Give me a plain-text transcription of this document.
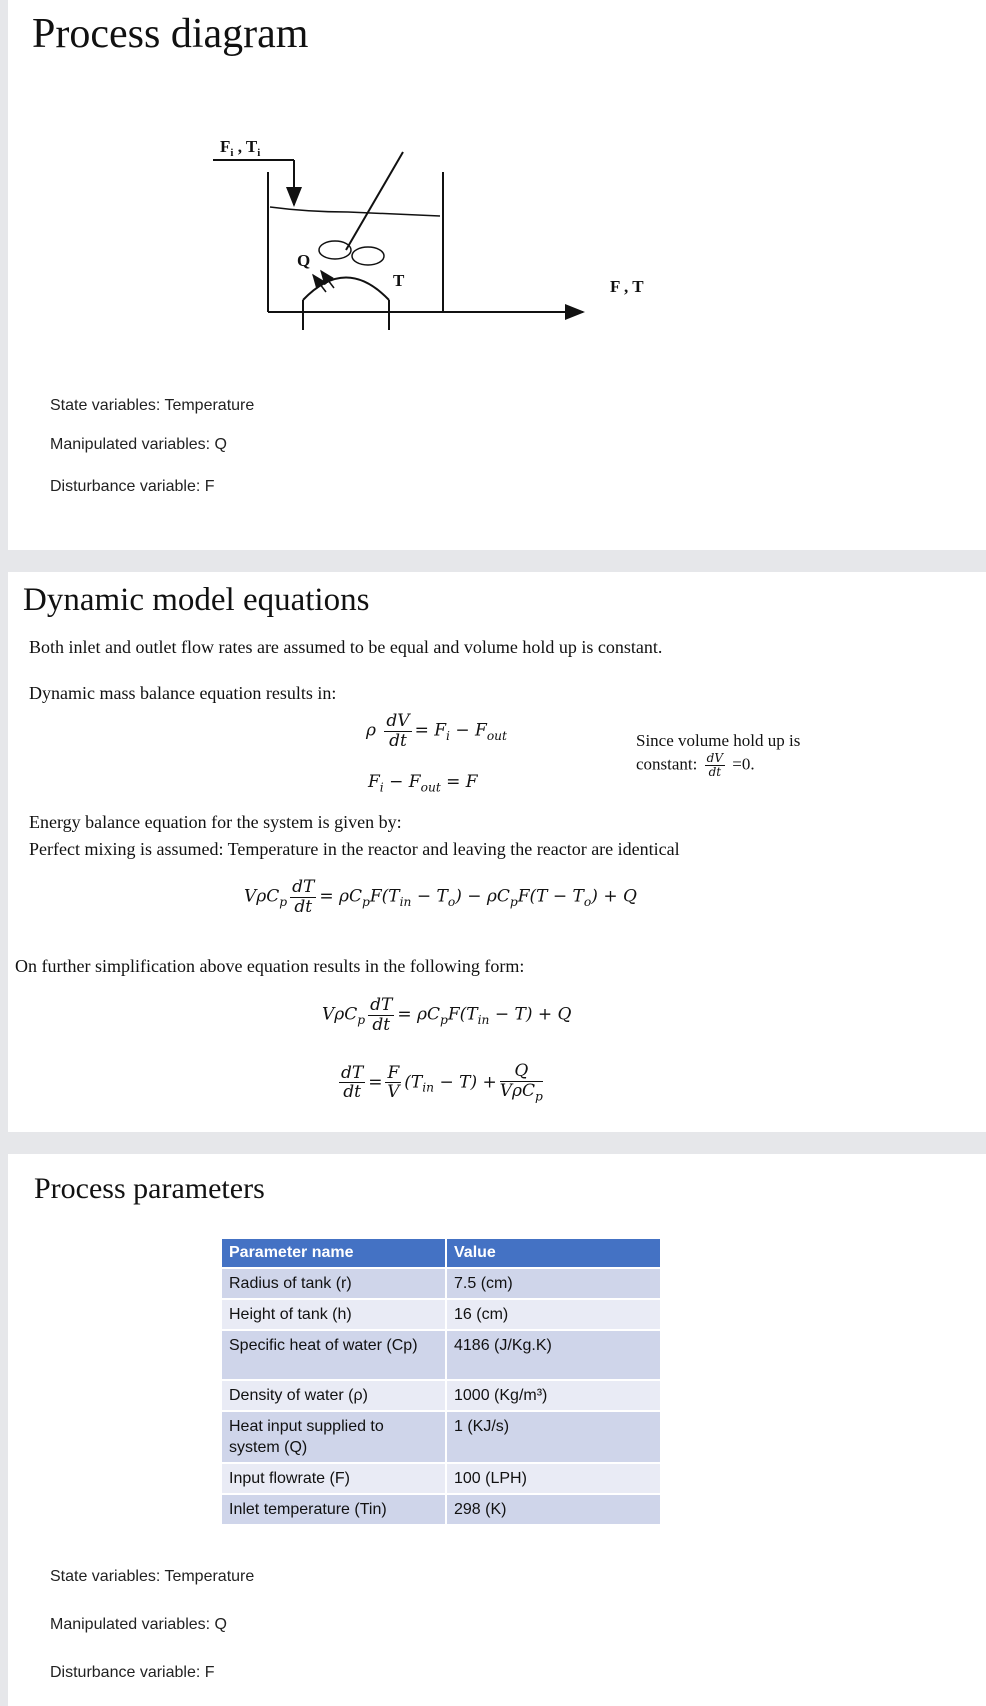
Process diagram
$F_i$ , $T_i$
Q
T	F , T
State variables: Temperature
Manipulated variables: Q
Disturbance variable: F
Dynamic model equations
Both inlet and outlet flow rates are assumed to be equal and volume hold up is constant.
Dynamic mass balance equation results in:
ρ $\frac{dV}{dt} = F_i - F_{out}$
$F_i - F_{out} = F$
Since volume hold up is
constant: $\frac{dV}{dt} =0$.
Energy balance equation for the system is given by:
Perfect mixing is assumed: Temperature in the reactor and leaving the reactor are identical
$V\rho C_p \frac{dT}{dt} = \rho C_pF(T_{in} - T_o) - \rho C_pF(T - T_o) + Q$
On further simplification above equation results in the following form:
$V\rho C_p \frac{dT}{dt} = \rho C_pF(T_{in} - T) + Q$
$\frac{dT}{dt} = \frac{F}{V} (T_{in} - T) + \frac{Q}{V\rho C_p}$
Process parameters
Parameter name	Value
Radius of tank (r)	7.5 (cm)
Height of tank (h)	16 (cm)
Specific heat of water (Cp)	4186 (J/Kg.K)
Density of water (ρ)	1000 (Kg/m³)
Heat input supplied to system (Q)	1 (KJ/s)
Input flowrate (F)	100 (LPH)
Inlet temperature (Tin)	298 (K)
State variables: Temperature
Manipulated variables: Q
Disturbance variable: F
